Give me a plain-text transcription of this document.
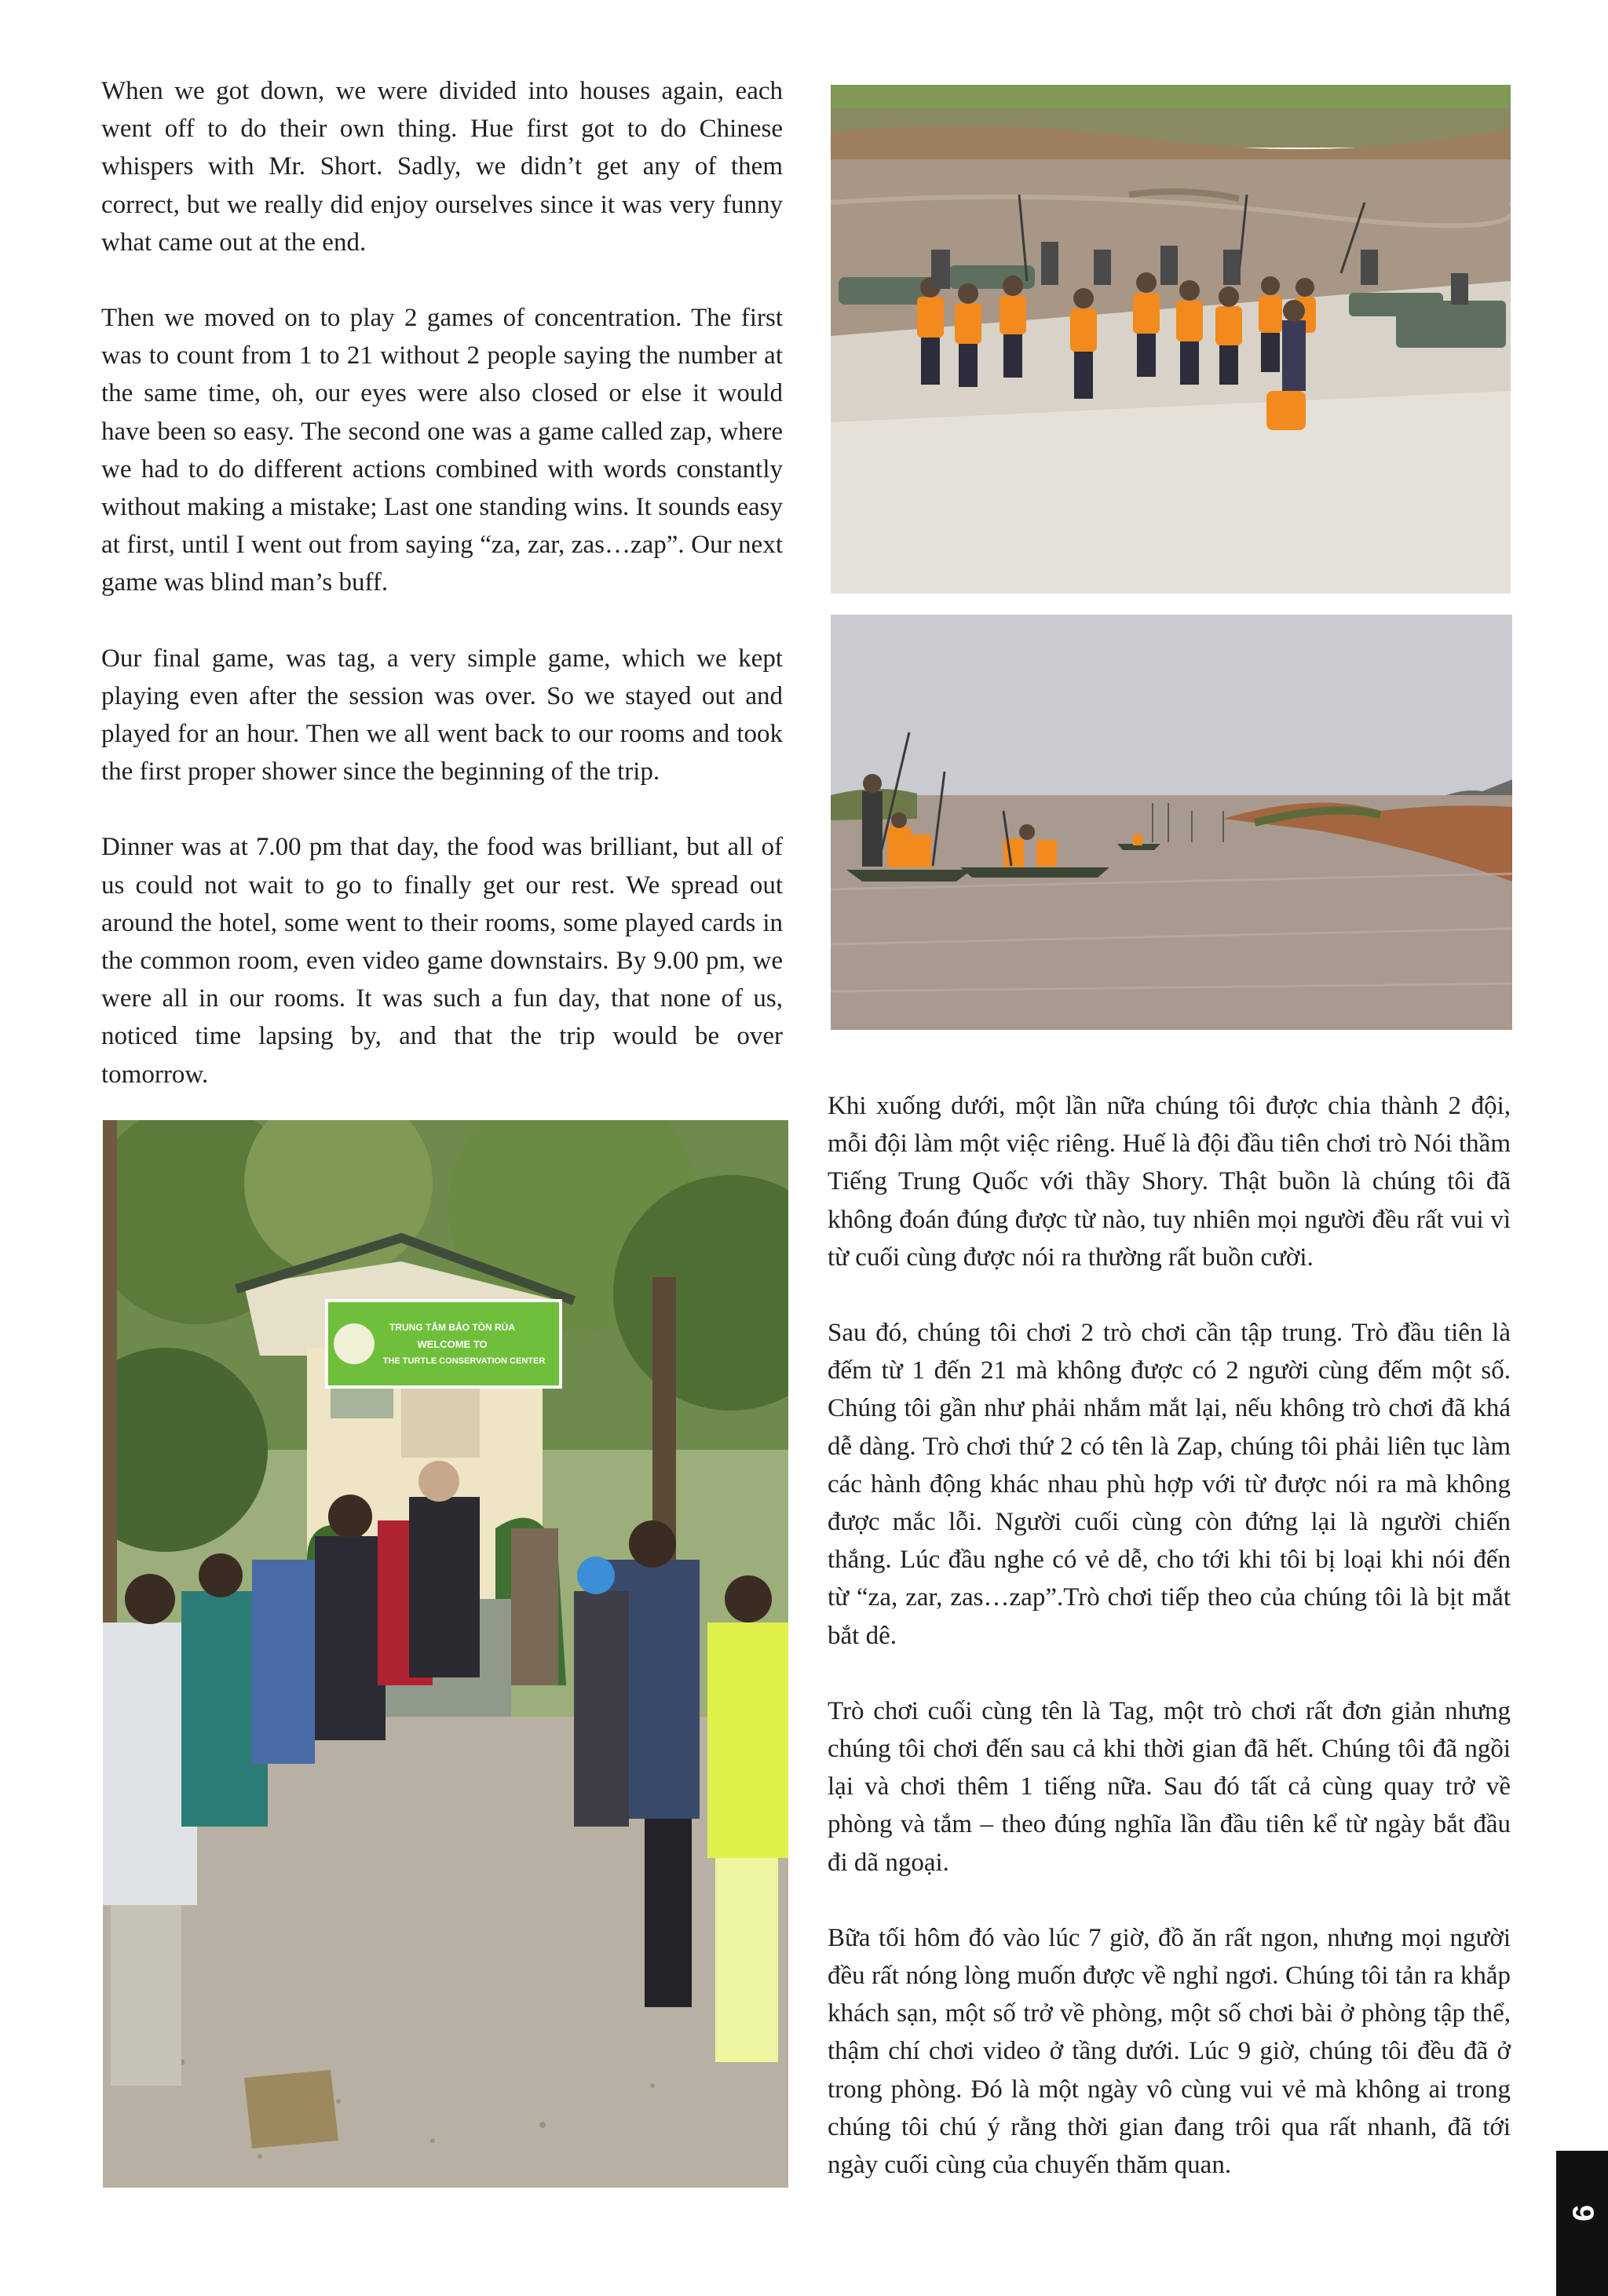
When we got down, we were divided into houses again, each went off to do their own thing. Hue first got to do Chinese whispers with Mr. Short. Sadly, we didn’t get any of them correct, but we really did enjoy ourselves since it was very funny what came out at the end.

Then we moved on to play 2 games of concentration. The first was to count from 1 to 21 without 2 people saying the number at the same time, oh, our eyes were also closed or else it would have been so easy. The second one was a game called zap, where we had to do different actions combined with words constantly without making a mistake; Last one standing wins. It sounds easy at first, until I went out from saying “za, zar, zas…zap”. Our next game was blind man’s buff.

Our final game, was tag, a very simple game, which we kept playing even after the session was over. So we stayed out and played for an hour. Then we all went back to our rooms and took the first proper shower since the beginning of the trip.

Dinner was at 7.00 pm that day, the food was brilliant, but all of us could not wait to go to finally get our rest. We spread out around the hotel, some went to their rooms, some played cards in the common room, even video game downstairs. By 9.00 pm, we were all in our rooms. It was such a fun day, that none of us, noticed time lapsing by, and that the trip would be over tomorrow.

TRUNG TÂM BẢO TỒN RÙA
WELCOME TO
THE TURTLE CONSERVATION CENTER

Khi xuống dưới, một lần nữa chúng tôi được chia thành 2 đội, mỗi đội làm một việc riêng. Huế là đội đầu tiên chơi trò Nói thầm Tiếng Trung Quốc với thầy Shory. Thật buồn là chúng tôi đã không đoán đúng được từ nào, tuy nhiên mọi người đều rất vui vì từ cuối cùng được nói ra thường rất buồn cười.

Sau đó, chúng tôi chơi 2 trò chơi cần tập trung. Trò đầu tiên là đếm từ 1 đến 21 mà không được có 2 người cùng đếm một số. Chúng tôi gần như phải nhắm mắt lại, nếu không trò chơi đã khá dễ dàng. Trò chơi thứ 2 có tên là Zap, chúng tôi phải liên tục làm các hành động khác nhau phù hợp với từ được nói ra mà không được mắc lỗi. Người cuối cùng còn đứng lại là người chiến thắng. Lúc đầu nghe có vẻ dễ, cho tới khi tôi bị loại khi nói đến từ “za, zar, zas…zap”.Trò chơi tiếp theo của chúng tôi là bịt mắt bắt dê.

Trò chơi cuối cùng tên là Tag, một trò chơi rất đơn giản nhưng chúng tôi chơi đến sau cả khi thời gian đã hết. Chúng tôi đã ngồi lại và chơi thêm 1 tiếng nữa. Sau đó tất cả cùng quay trở về phòng và tắm – theo đúng nghĩa lần đầu tiên kể từ ngày bắt đầu đi dã ngoại.

Bữa tối hôm đó vào lúc 7 giờ, đồ ăn rất ngon, nhưng mọi người đều rất nóng lòng muốn được về nghỉ ngơi. Chúng tôi tản ra khắp khách sạn, một số trở về phòng, một số chơi bài ở phòng tập thể, thậm chí chơi video ở tầng dưới. Lúc 9 giờ, chúng tôi đều đã ở trong phòng. Đó là một ngày vô cùng vui vẻ mà không ai trong chúng tôi chú ý rằng thời gian đang trôi qua rất nhanh, đã tới ngày cuối cùng của chuyến thăm quan.

9
